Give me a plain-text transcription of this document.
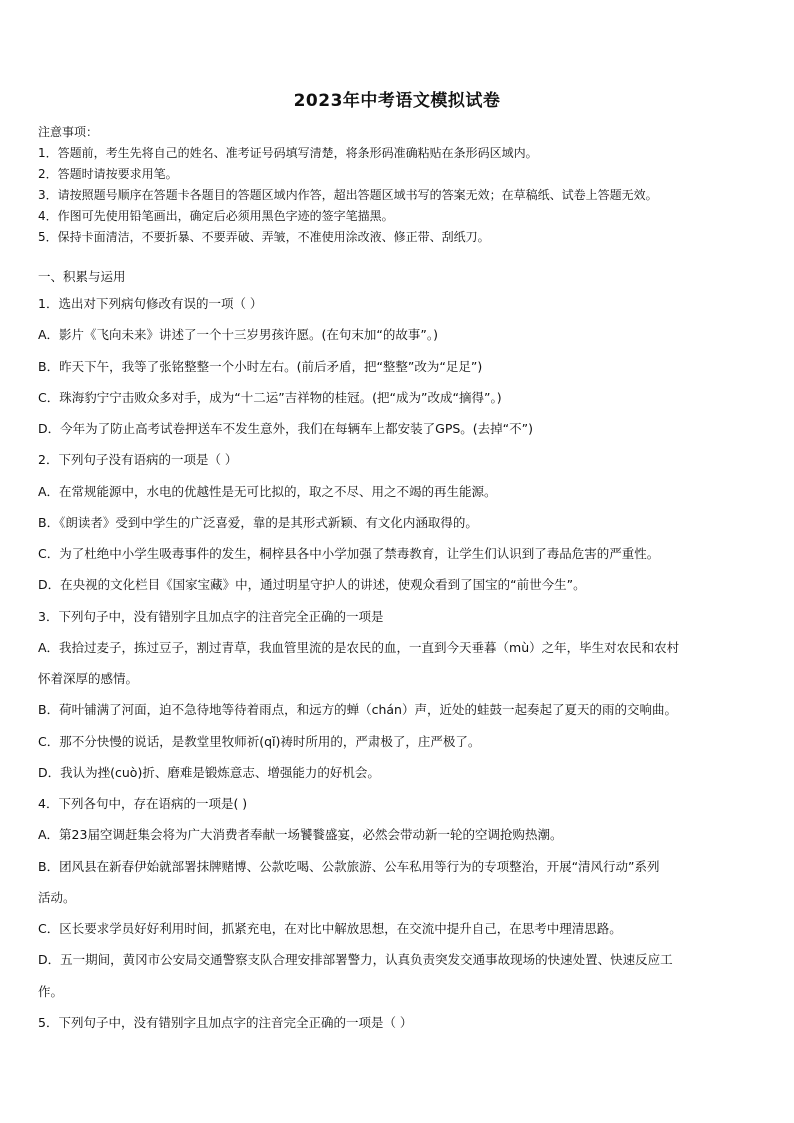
2023年中考语文模拟试卷
注意事项：
1．答题前，考生先将自己的姓名、准考证号码填写清楚，将条形码准确粘贴在条形码区域内。
2．答题时请按要求用笔。
3．请按照题号顺序在答题卡各题目的答题区域内作答，超出答题区域书写的答案无效；在草稿纸、试卷上答题无效。
4．作图可先使用铅笔画出，确定后必须用黑色字迹的签字笔描黑。
5．保持卡面清洁，不要折暴、不要弄破、弄皱，不准使用涂改液、修正带、刮纸刀。
一、积累与运用
1．选出对下列病句修改有误的一项（ ）
A．影片《飞向未来》讲述了一个十三岁男孩许愿。(在句末加“的故事”。)
B．昨天下午，我等了张铭整整一个小时左右。(前后矛盾，把“整整”改为“足足”)
C．珠海豹宁宁击败众多对手，成为“十二运”吉祥物的桂冠。(把“成为”改成“摘得”。)
D．今年为了防止高考试卷押送车不发生意外，我们在每辆车上都安装了GPS。(去掉“不”)
2．下列句子没有语病的一项是（ ）
A．在常规能源中，水电的优越性是无可比拟的，取之不尽、用之不竭的再生能源。
B．《朗读者》受到中学生的广泛喜爱，靠的是其形式新颖、有文化内涵取得的。
C．为了杜绝中小学生吸毒事件的发生，桐梓县各中小学加强了禁毒教育，让学生们认识到了毒品危害的严重性。
D．在央视的文化栏目《国家宝藏》中，通过明星守护人的讲述，使观众看到了国宝的“前世今生”。
3．下列句子中，没有错别字且加点字的注音完全正确的一项是
A．我拾过麦子，拣过豆子，割过青草，我血管里流的是农民的血，一直到今天垂暮（mù）之年，毕生对农民和农村
怀着深厚的感情。
B．荷叶铺满了河面，迫不急待地等待着雨点，和远方的蝉（chán）声，近处的蛙鼓一起奏起了夏天的雨的交响曲。
C．那不分快慢的说话，是教堂里牧师祈(qǐ)祷时所用的，严肃极了，庄严极了。
D．我认为挫(cuò)折、磨难是锻炼意志、增强能力的好机会。
4．下列各句中，存在语病的一项是( )
A．第23届空调赶集会将为广大消费者奉献一场饕餮盛宴，必然会带动新一轮的空调抢购热潮。
B．团风县在新春伊始就部署抹牌赌博、公款吃喝、公款旅游、公车私用等行为的专项整治，开展“清风行动”系列
活动。
C．区长要求学员好好利用时间，抓紧充电，在对比中解放思想，在交流中提升自己，在思考中理清思路。
D．五一期间，黄冈市公安局交通警察支队合理安排部署警力，认真负责突发交通事故现场的快速处置、快速反应工
作。
5．下列句子中，没有错别字且加点字的注音完全正确的一项是（ ）
